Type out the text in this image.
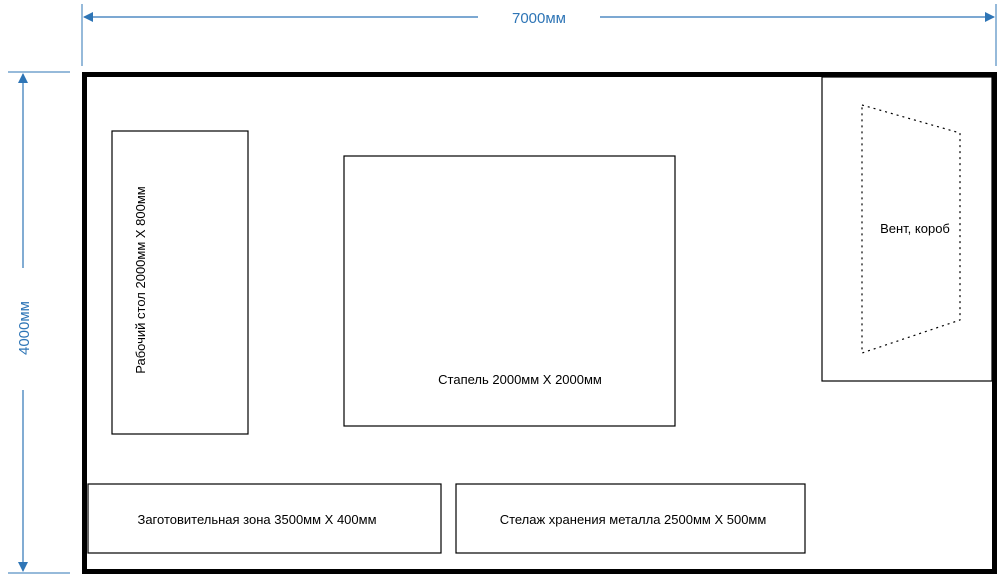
7000мм
4000мм	Рабочий стол 2000мм X 800мм
Стапель 2000мм X 2000мм
Вент, короб
Заготовительная зона 3500мм X 400мм	Стелаж хранения металла 2500мм X 500мм
